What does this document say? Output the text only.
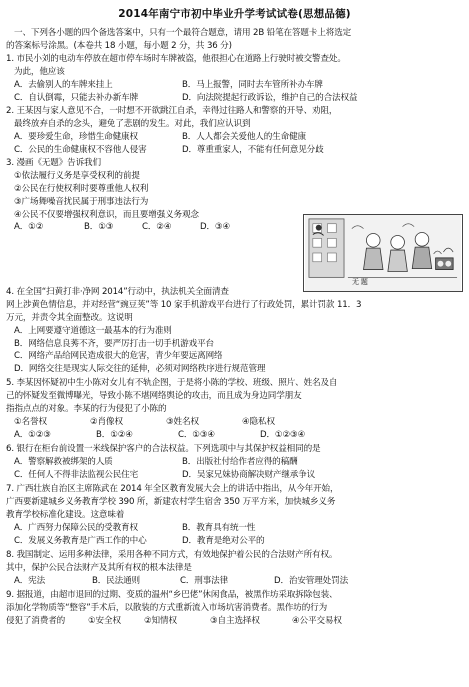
2014年南宁市初中毕业升学考试试卷(思想品德)

一、下列各小题的四个备选答案中，只有一个最符合题意，请用 2B 铅笔在答题卡上将选定

的答案标号涂黑。(本卷共 18 小题，每小题 2 分，共 36 分)

1. 市民小刘的电动车停放在超市停车场时车牌被盗，他很担心在道路上行驶时被交警查处。
为此，他应该
A．去偷别人的车牌来挂上	B．马上报警，同时去车管所补办车牌
C．自认倒霉，只能去补办新车牌	D．向法院提起行政诉讼，维护自己的合法权益
2. 王某因与家人意见不合，一时想不开欲跳江自杀，幸得过往路人和警察的开导、劝阻，
最终放弃自杀的念头，避免了悲剧的发生。对此，我们应认识到
A．要珍爱生命，珍惜生命健康权	B．人人都会关爱他人的生命健康
C．公民的生命健康权不容他人侵害	D．尊重重家人，不能有任何意见分歧
3. 漫画《无题》告诉我们
①依法履行义务是享受权利的前提
②公民在行使权利时要尊重他人权利
③广场舞噪音扰民属于刑事违法行为
④公民不仅要增强权利意识，而且要增强义务观念
A．①②	B．①③	C．②④	D．③④
无 题
4. 在全国“扫黄打非·净网 2014”行动中，执法机关全面清查
网上涉黄色情信息，并对经营“豌豆荚”等 10 家手机游戏平台进行了行政处罚，累计罚款 11．3
万元，并责令其全面整改。这说明
A．上网要遵守道德这一最基本的行为准则
B．网络信息良莠不齐，要严厉打击一切手机游戏平台
C．网络产品给网民造成很大的危害，青少年要远离网络
D．网络交往是现实人际交往的延伸，必须对网络秩序进行规范管理
5. 李某因怀疑初中生小陈对女儿有不轨企图，于是将小陈的学校、班级、照片、姓名及自
己的怀疑发至微博曝光，导致小陈不堪网络舆论的攻击，而且成为身边同学朋友
指指点点的对象。李某的行为侵犯了小陈的
①名誉权	②肖像权	③姓名权	④隐私权
A．①②③	B．①②④	C．①③④	D．①②③④
6. 银行在柜台前设置一米线保护客户的合法权益。下列选项中与其保护权益相同的是
A．警察解救被绑架的人质	B．出版社付给作者应得的稿酬
C．任何人不得非法监视公民住宅	D．吴家兄妹协商解决财产继承争议
7. 广西壮族自治区主席陈武在 2014 年全区教育发展大会上的讲话中指出，从今年开始，
广西要新建城乡义务教育学校 390 所，新建农村学生宿舍 350 万平方米，加快城乡义务
教育学校标准化建设。这意味着
A．广西努力保障公民的受教育权	B．教育具有统一性
C．发展义务教育是广西工作的中心	D．教育是绝对公平的
8. 我国制定、运用多种法律，采用各种不同方式，有效地保护着公民的合法财产所有权。
其中，保护公民合法财产及其所有权的根本法律是
A．宪法	B．民法通则	C．刑事法律	D．治安管理处罚法
9. 据报道，由超市退回的过期、变质的温州“乡巴佬”休闲食品，被黑作坊采取拆除包装、
添加化学物质等“整容”手术后，以散装的方式重新流入市场坑害消费者。黑作坊的行为
侵犯了消费者的	①安全权	②知情权	③自主选择权	④公平交易权
